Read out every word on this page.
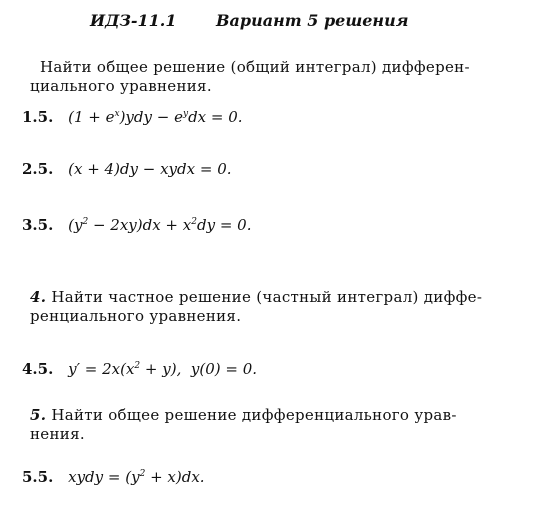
ИДЗ-11.1 Вариант 5 решения
Найти общее решение (общий интеграл) дифферен-
циального уравнения.
1.5. $(1 + e^x)ydy - e^ydx = 0$.
2.5. (x + 4)dy − xydx = 0.
3.5. $(y^2 - 2xy)dx + x^2dy = 0$.
4. Найти частное решение (частный интеграл) диффе-
ренциального уравнения.
4.5. $y' = 2x(x^2 + y)$,  y(0) = 0.
5. Найти общее решение дифференциального урав-
нения.
5.5. xydy = $(y^2 + x)dx$.
